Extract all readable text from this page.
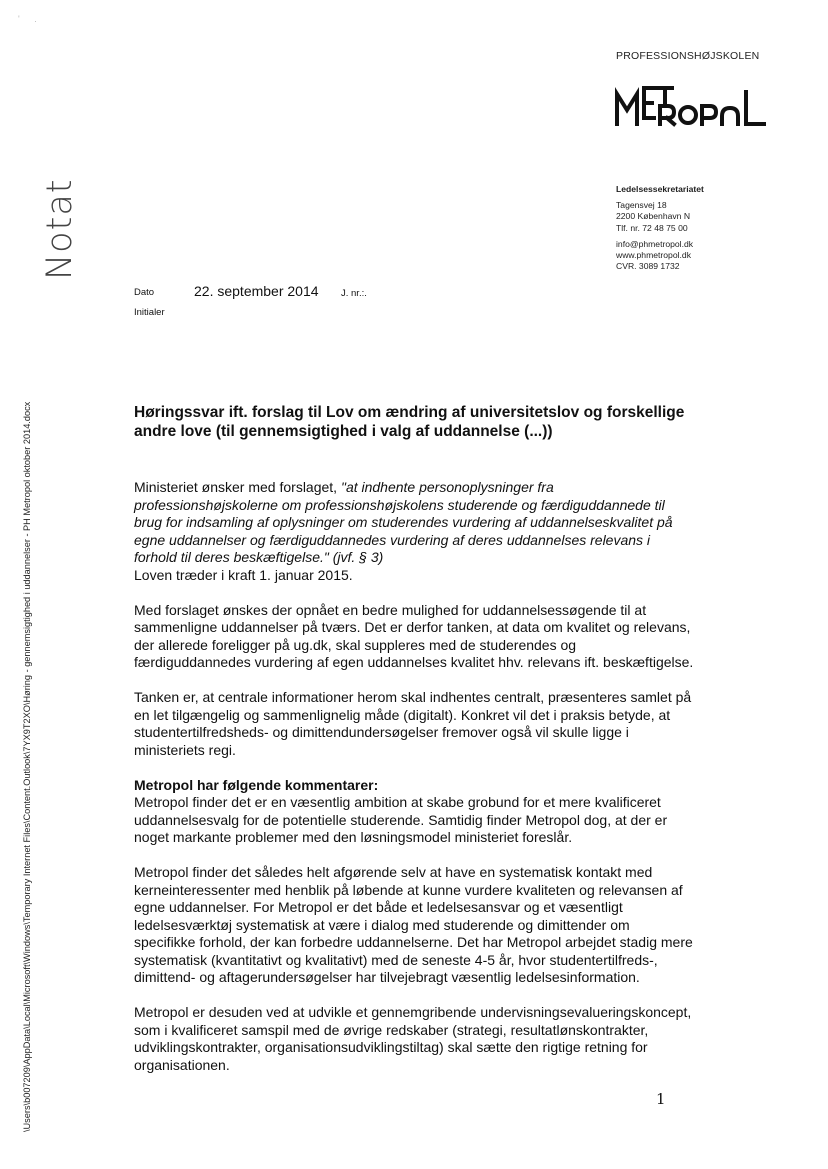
' .
PROFESSIONSHØJSKOLEN
Notat
\Users\b007209\AppData\Local\Microsoft\Windows\Temporary Internet Files\Content.Outlook\7YX9T2XO\Høring - gennemsigtighed i uddannelser - PH Metropol oktober 2014.docx
Ledelsessekretariatet
Tagensvej 18
2200 København N
Tlf. nr. 72 48 75 00
info@phmetropol.dk
www.phmetropol.dk
CVR. 3089 1732
Dato	22. september 2014 J. nr.:.
Initialer
Høringssvar ift. forslag til Lov om ændring af universitetslov og forskellige andre love (til gennemsigtighed i valg af uddannelse (...))
Ministeriet ønsker med forslaget, "at indhente personoplysninger fra professionshøjskolerne om professionshøjskolens studerende og færdiguddannede til brug for indsamling af oplysninger om studerendes vurdering af uddannelseskvalitet på egne uddannelser og færdiguddannedes vurdering af deres uddannelses relevans i forhold til deres beskæftigelse." (jvf. § 3)
Loven træder i kraft 1. januar 2015.
Med forslaget ønskes der opnået en bedre mulighed for uddannelsessøgende til at sammenligne uddannelser på tværs. Det er derfor tanken, at data om kvalitet og relevans, der allerede foreligger på ug.dk, skal suppleres med de studerendes og færdiguddannedes vurdering af egen uddannelses kvalitet hhv. relevans ift. beskæftigelse.
Tanken er, at centrale informationer herom skal indhentes centralt, præsenteres samlet på en let tilgængelig og sammenlignelig måde (digitalt). Konkret vil det i praksis betyde, at studentertilfredsheds- og dimittendundersøgelser fremover også vil skulle ligge i ministeriets regi.
Metropol har følgende kommentarer:
Metropol finder det er en væsentlig ambition at skabe grobund for et mere kvalificeret uddannelsesvalg for de potentielle studerende. Samtidig finder Metropol dog, at der er noget markante problemer med den løsningsmodel ministeriet foreslår.
Metropol finder det således helt afgørende selv at have en systematisk kontakt med kerneinteressenter med henblik på løbende at kunne vurdere kvaliteten og relevansen af egne uddannelser. For Metropol er det både et ledelsesansvar og et væsentligt ledelsesværktøj systematisk at være i dialog med studerende og dimittender om specifikke forhold, der kan forbedre uddannelserne. Det har Metropol arbejdet stadig mere systematisk (kvantitativt og kvalitativt) med de seneste 4-5 år, hvor studentertilfreds-, dimittend- og aftagerundersøgelser har tilvejebragt væsentlig ledelsesinformation.
Metropol er desuden ved at udvikle et gennemgribende undervisningsevalueringskoncept, som i kvalificeret samspil med de øvrige redskaber (strategi, resultatlønskontrakter, udviklingskontrakter, organisationsudviklingstiltag) skal sætte den rigtige retning for organisationen.
1
